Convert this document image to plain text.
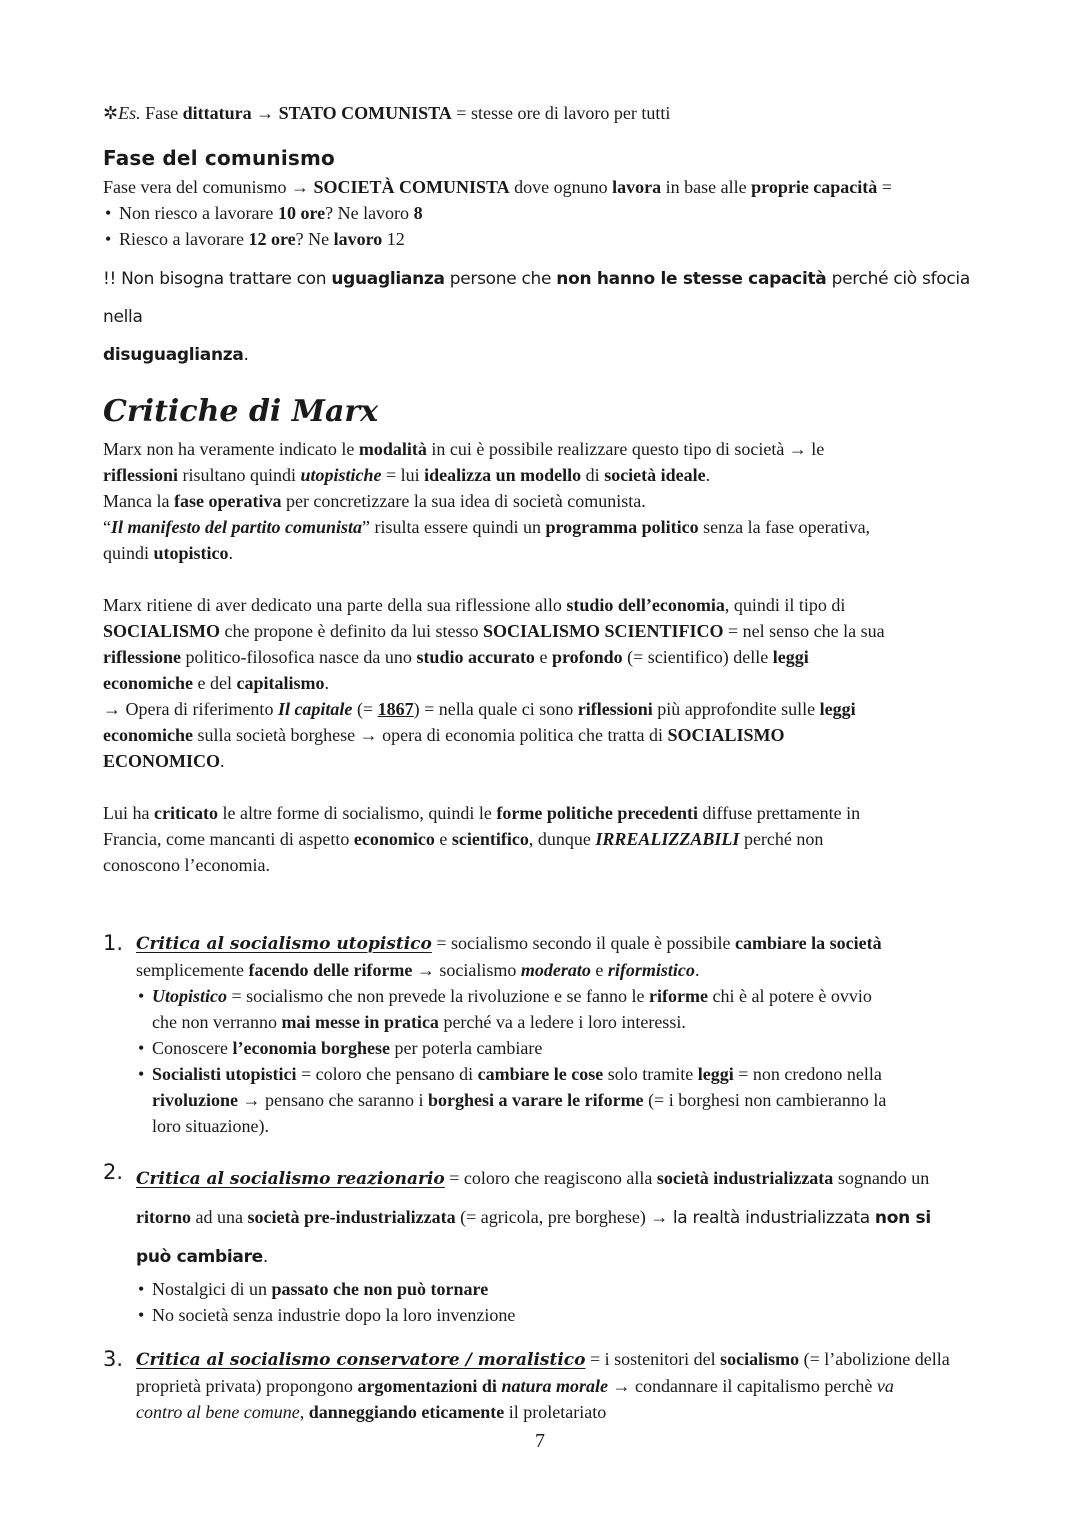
✲Es. Fase dittatura → STATO COMUNISTA = stesse ore di lavoro per tutti

Fase del comunismo

Fase vera del comunismo → SOCIETÀ COMUNISTA dove ognuno lavora in base alle proprie capacità =

• Non riesco a lavorare 10 ore? Ne lavoro 8
• Riesco a lavorare 12 ore? Ne lavoro 12

!! Non bisogna trattare con uguaglianza persone che non hanno le stesse capacità perché ciò sfocia nella
disuguaglianza.

Critiche di Marx

Marx non ha veramente indicato le modalità in cui è possibile realizzare questo tipo di società → le
riflessioni risultano quindi utopistiche = lui idealizza un modello di società ideale.

Manca la fase operativa per concretizzare la sua idea di società comunista.

“Il manifesto del partito comunista” risulta essere quindi un programma politico senza la fase operativa,
quindi utopistico.

Marx ritiene di aver dedicato una parte della sua riflessione allo studio dell’economia, quindi il tipo di
SOCIALISMO che propone è definito da lui stesso SOCIALISMO SCIENTIFICO = nel senso che la sua
riflessione politico-filosofica nasce da uno studio accurato e profondo (= scientifico) delle leggi
economiche e del capitalismo.

→ Opera di riferimento Il capitale (= 1867) = nella quale ci sono riflessioni più approfondite sulle leggi
economiche sulla società borghese → opera di economia politica che tratta di SOCIALISMO
ECONOMICO.

Lui ha criticato le altre forme di socialismo, quindi le forme politiche precedenti diffuse prettamente in
Francia, come mancanti di aspetto economico e scientifico, dunque IRREALIZZABILI perché non
conoscono l’economia.

1. Critica al socialismo utopistico = socialismo secondo il quale è possibile cambiare la società
semplicemente facendo delle riforme → socialismo moderato e riformistico.

• Utopistico = socialismo che non prevede la rivoluzione e se fanno le riforme chi è al potere è ovvio
che non verranno mai messe in pratica perché va a ledere i loro interessi.
• Conoscere l’economia borghese per poterla cambiare
• Socialisti utopistici = coloro che pensano di cambiare le cose solo tramite leggi = non credono nella
rivoluzione → pensano che saranno i borghesi a varare le riforme (= i borghesi non cambieranno la
loro situazione).
2. Critica al socialismo reazionario = coloro che reagiscono alla società industrializzata sognando un
ritorno ad una società pre-industrializzata (= agricola, pre borghese) → la realtà industrializzata non si
può cambiare.

• Nostalgici di un passato che non può tornare
• No società senza industrie dopo la loro invenzione
3. Critica al socialismo conservatore / moralistico = i sostenitori del socialismo (= l’abolizione della
proprietà privata) propongono argomentazioni di natura morale → condannare il capitalismo perchè va
contro al bene comune, danneggiando eticamente il proletariato

7
